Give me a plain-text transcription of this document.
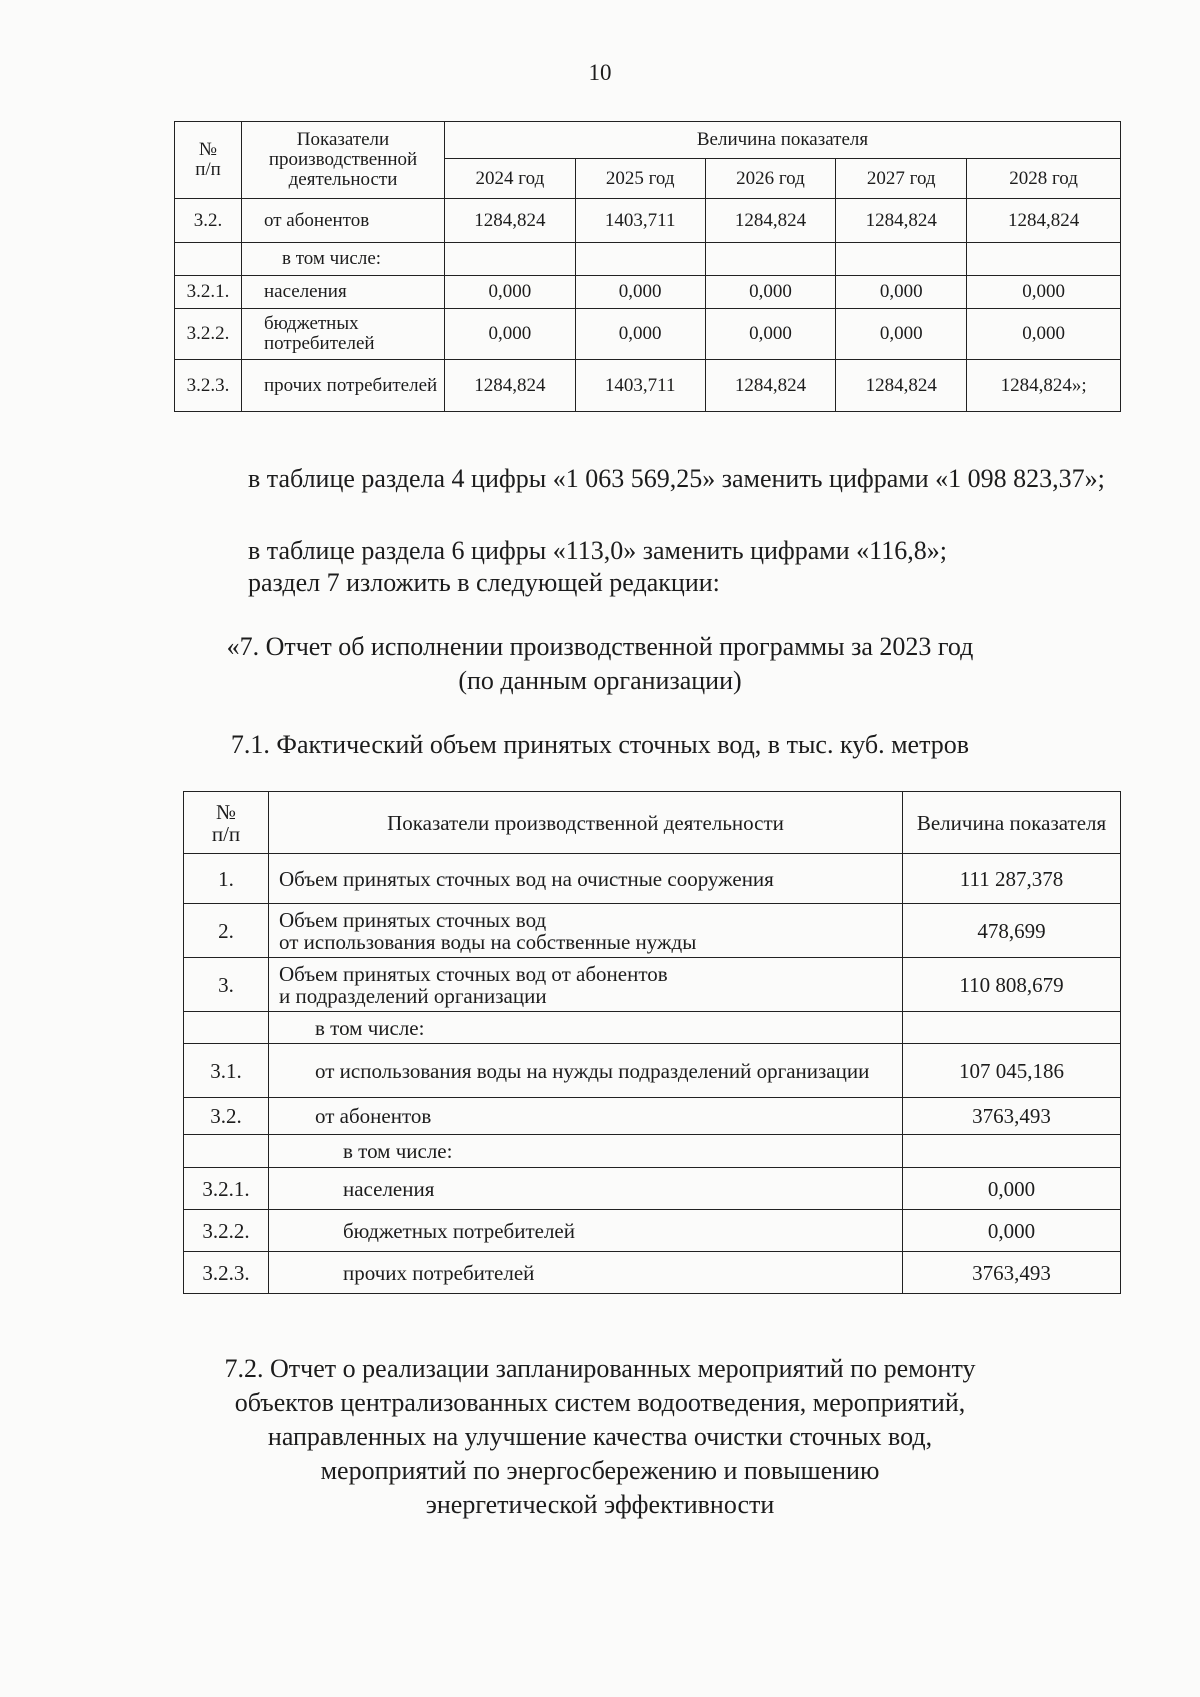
10
№
п/п	Показатели производственной деятельности	Величина показателя				
		2024 год	2025 год	2026 год	2027 год	2028 год
3.2.	от абонентов	1284,824	1403,711	1284,824	1284,824	1284,824
	в том числе:					
3.2.1.	населения	0,000	0,000	0,000	0,000	0,000
3.2.2.	бюджетных потребителей	0,000	0,000	0,000	0,000	0,000
3.2.3.	прочих потребителей	1284,824	1403,711	1284,824	1284,824	1284,824»;
в таблице раздела 4 цифры «1 063 569,25» заменить цифрами «1 098 823,37»;
в таблице раздела 6 цифры «113,0» заменить цифрами «116,8»;
раздел 7 изложить в следующей редакции:
«7. Отчет об исполнении производственной программы за 2023 год
(по данным организации)
7.1. Фактический объем принятых сточных вод, в тыс. куб. метров
№
п/п	Показатели производственной деятельности	Величина показателя
1.	Объем принятых сточных вод на очистные сооружения	111 287,378
2.	Объем принятых сточных вод
от использования воды на собственные нужды	478,699
3.	Объем принятых сточных вод от абонентов
и подразделений организации	110 808,679
	в том числе:	
3.1.	от использования воды на нужды подразделений организации	107 045,186
3.2.	от абонентов	3763,493
	в том числе:	
3.2.1.	населения	0,000
3.2.2.	бюджетных потребителей	0,000
3.2.3.	прочих потребителей	3763,493
7.2. Отчет о реализации запланированных мероприятий по ремонту
объектов централизованных систем водоотведения, мероприятий,
направленных на улучшение качества очистки сточных вод,
мероприятий по энергосбережению и повышению
энергетической эффективности
